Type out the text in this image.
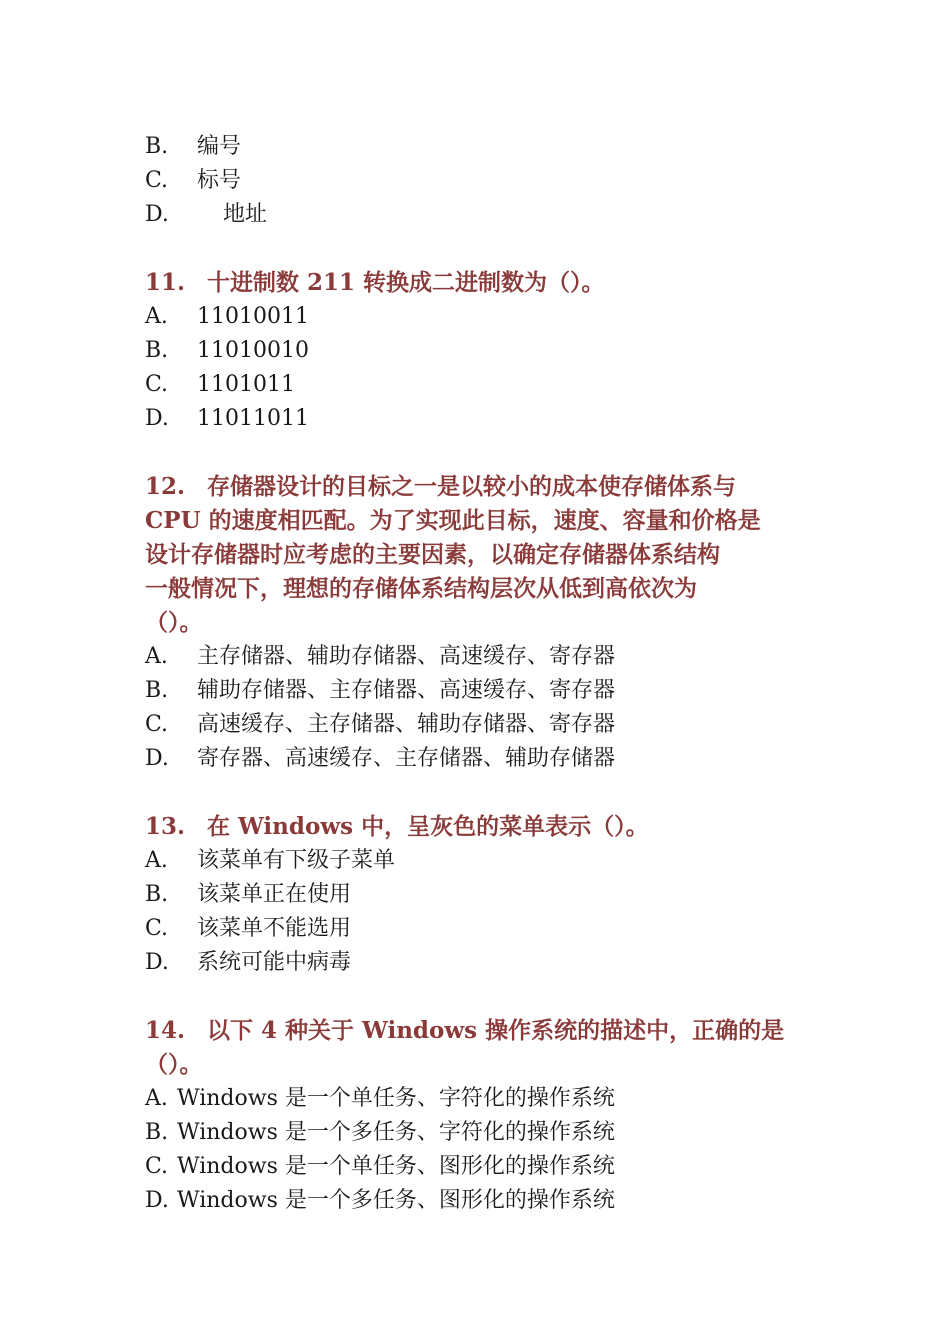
B. 编号

C. 标号

D. 地址

11. 十进制数 211 转换成二进制数为（）。

A. 11010011

B. 11010010

C. 1101011

D. 11011011

12. 存储器设计的目标之一是以较小的成本使存储体系与

CPU 的速度相匹配。为了实现此目标，速度、容量和价格是

设计存储器时应考虑的主要因素，以确定存储器体系结构

一般情况下，理想的存储体系结构层次从低到高依次为

（）。

A. 主存储器、辅助存储器、高速缓存、寄存器

B. 辅助存储器、主存储器、高速缓存、寄存器

C. 高速缓存、主存储器、辅助存储器、寄存器

D. 寄存器、高速缓存、主存储器、辅助存储器

13. 在 Windows 中，呈灰色的菜单表示（）。

A. 该菜单有下级子菜单

B. 该菜单正在使用

C. 该菜单不能选用

D. 系统可能中病毒

14. 以下 4 种关于 Windows 操作系统的描述中，正确的是

（）。

A. Windows 是一个单任务、字符化的操作系统

B. Windows 是一个多任务、字符化的操作系统

C. Windows 是一个单任务、图形化的操作系统

D. Windows 是一个多任务、图形化的操作系统
